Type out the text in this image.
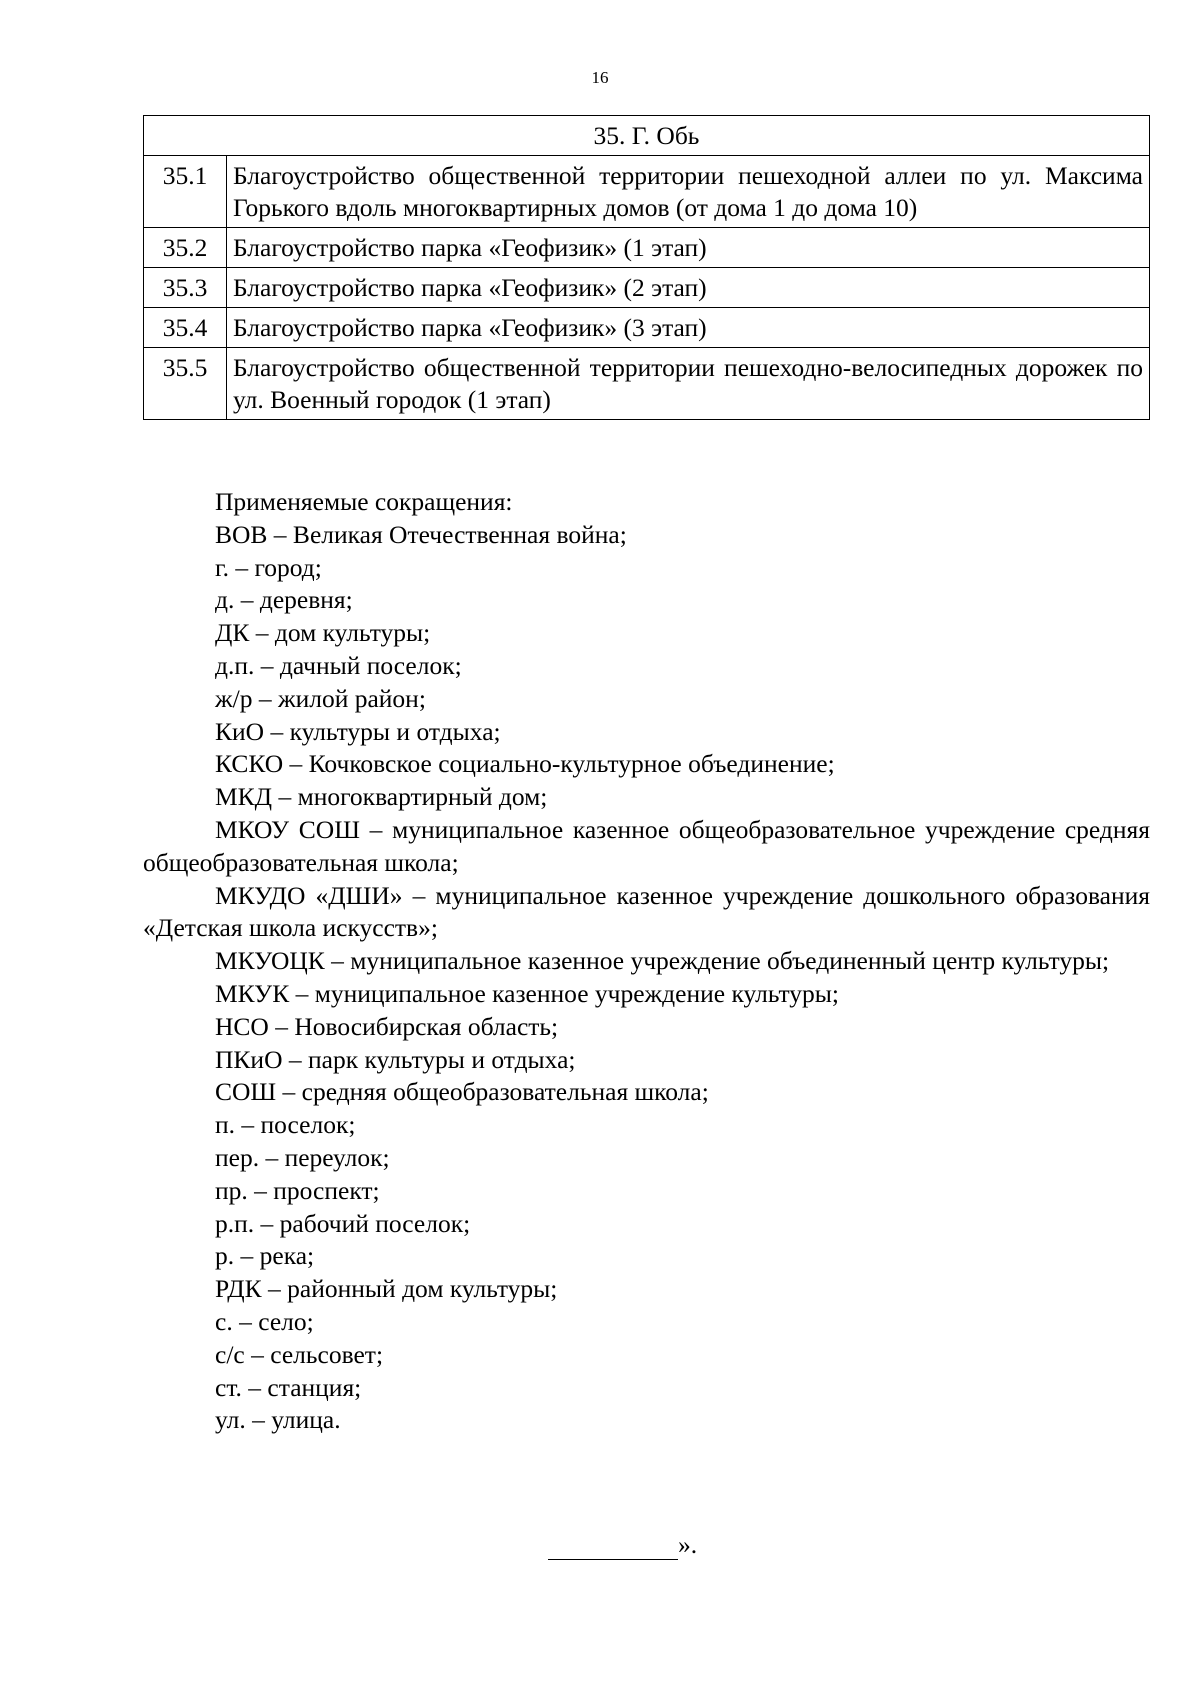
16
35. Г. Обь	
35.1	Благоустройство общественной территории пешеходной аллеи по ул. Максима Горького вдоль многоквартирных домов (от дома 1 до дома 10)
35.2	Благоустройство парка «Геофизик» (1 этап)
35.3	Благоустройство парка «Геофизик» (2 этап)
35.4	Благоустройство парка «Геофизик» (3 этап)
35.5	Благоустройство общественной территории пешеходно-велосипедных дорожек по ул. Военный городок (1 этап)

Применяемые сокращения:

ВОВ – Великая Отечественная война;

г. – город;

д. – деревня;

ДК – дом культуры;

д.п. – дачный поселок;

ж/р – жилой район;

КиО – культуры и отдыха;

КСКО – Кочковское социально-культурное объединение;

МКД – многоквартирный дом;

МКОУ СОШ – муниципальное казенное общеобразовательное учреждение средняя общеобразовательная школа;

МКУДО «ДШИ» – муниципальное казенное учреждение дошкольного образования «Детская школа искусств»;

МКУОЦК – муниципальное казенное учреждение объединенный центр культуры;

МКУК – муниципальное казенное учреждение культуры;

НСО – Новосибирская область;

ПКиО – парк культуры и отдыха;

СОШ – средняя общеобразовательная школа;

п. – поселок;

пер. – переулок;

пр. – проспект;

р.п. – рабочий поселок;

р. – река;

РДК – районный дом культуры;

с. – село;

с/с – сельсовет;

ст. – станция;

ул. – улица.

».
